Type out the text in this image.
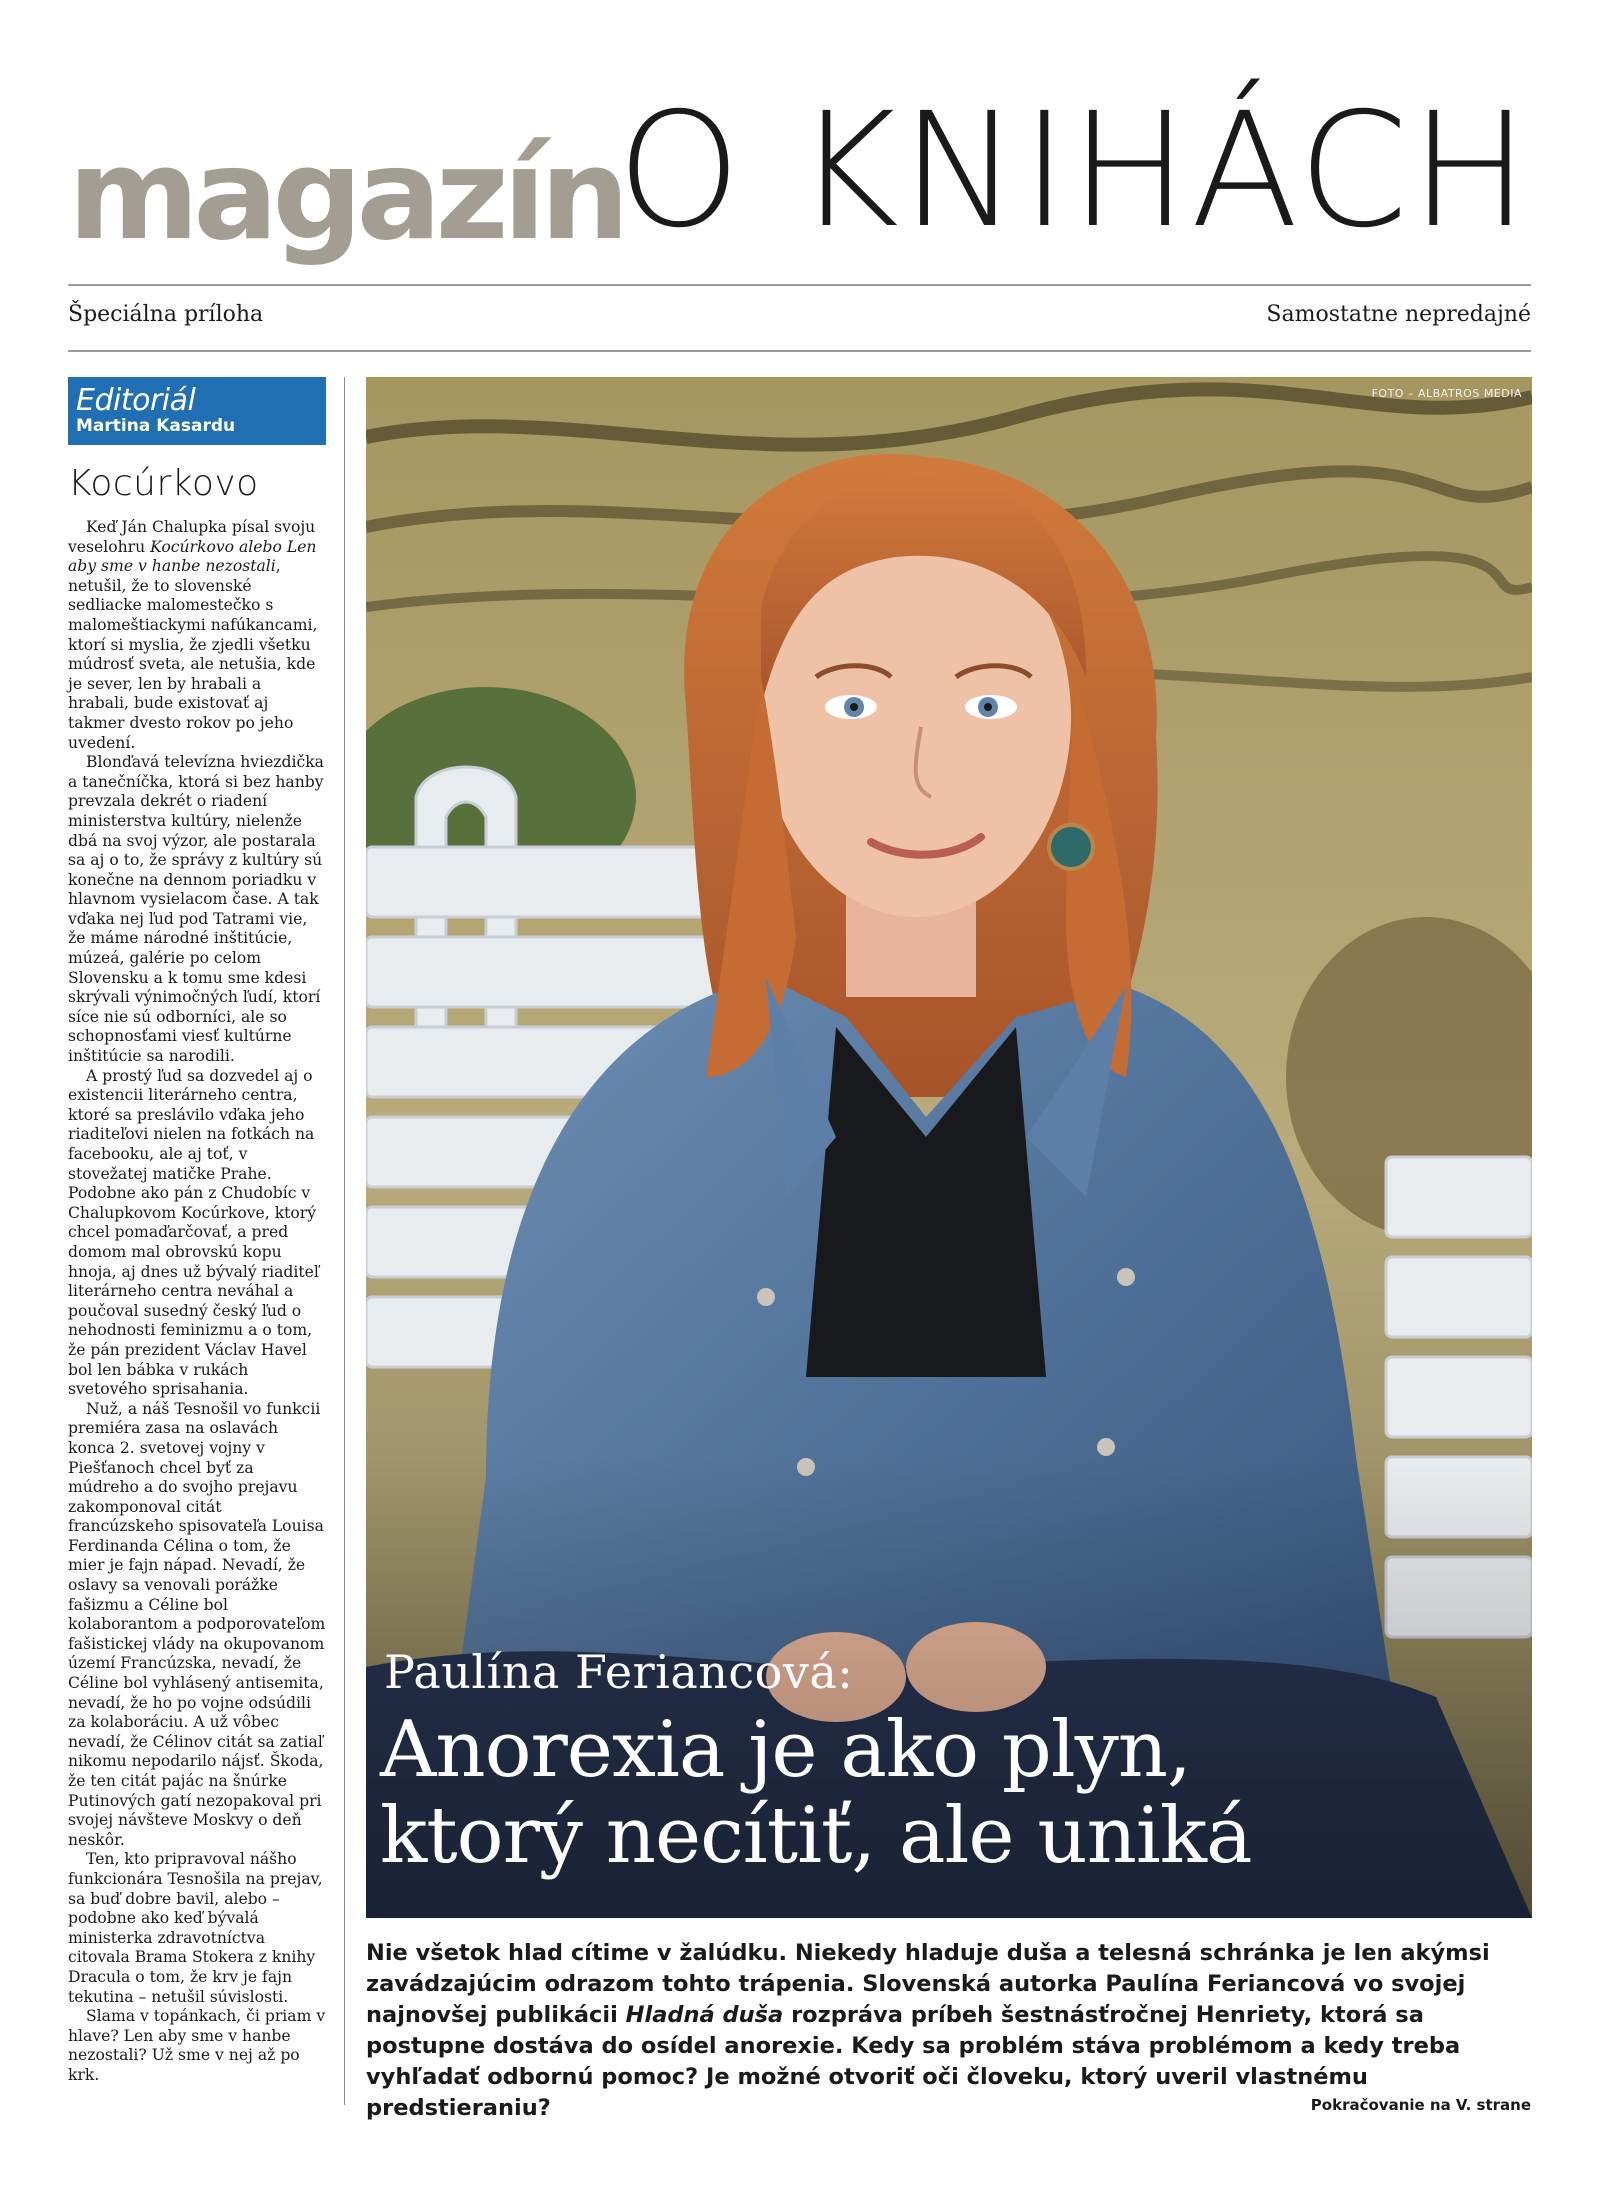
magazín
O KNIHÁCH
Špeciálna príloha	Samostatne nepredajné
Editoriál
Martina Kasardu
Kocúrkovo

Keď Ján Chalupka písal svoju veselohru Kocúrkovo alebo Len aby sme v hanbe nezostali, netušil, že to slovenské sedliacke malomestečko s malomeštiackymi nafúkancami, ktorí si myslia, že zjedli všetku múdrosť sveta, ale netušia, kde je sever, len by hrabali a hrabali, bude existovať aj takmer dvesto rokov po jeho uvedení.

Blonďavá televízna hviezdička a tanečníčka, ktorá si bez hanby prevzala dekrét o riadení ministerstva kultúry, nielenže dbá na svoj výzor, ale postarala sa aj o to, že správy z kultúry sú konečne na dennom poriadku v hlavnom vysielacom čase. A tak vďaka nej ľud pod Tatrami vie, že máme národné inštitúcie, múzeá, galérie po celom Slovensku a k tomu sme kdesi skrývali výnimočných ľudí, ktorí síce nie sú odborníci, ale so schopnosťami viesť kultúrne inštitúcie sa narodili.

A prostý ľud sa dozvedel aj o existencii literárneho centra, ktoré sa preslávilo vďaka jeho riaditeľovi nielen na fotkách na facebooku, ale aj toť, v stovežatej matičke Prahe. Podobne ako pán z Chudobíc v Chalupkovom Kocúrkove, ktorý chcel pomaďarčovať, a pred domom mal obrovskú kopu hnoja, aj dnes už bývalý riaditeľ literárneho centra neváhal a poučoval susedný český ľud o nehodnosti feminizmu a o tom, že pán prezident Václav Havel bol len bábka v rukách svetového sprisahania.

Nuž, a náš Tesnošil vo funkcii premiéra zasa na oslavách konca 2. svetovej vojny v Piešťanoch chcel byť za múdreho a do svojho prejavu zakomponoval citát francúzskeho spisovateľa Louisa Ferdinanda Célina o tom, že mier je fajn nápad. Nevadí, že oslavy sa venovali porážke fašizmu a Céline bol kolaborantom a podporovateľom fašistickej vlády na okupovanom území Francúzska, nevadí, že Céline bol vyhlásený antisemita, nevadí, že ho po vojne odsúdili za kolaboráciu. A už vôbec nevadí, že Célinov citát sa zatiaľ nikomu nepodarilo nájsť. Škoda, že ten citát pajác na šnúrke Putinových gatí nezopakoval pri svojej návšteve Moskvy o deň neskôr.

Ten, kto pripravoval nášho funkcionára Tesnošila na prejav, sa buď dobre bavil, alebo – podobne ako keď bývalá ministerka zdravotníctva citovala Brama Stokera z knihy Dracula o tom, že krv je fajn tekutina – netušil súvislosti.

Slama v topánkach, či priam v hlave? Len aby sme v hanbe nezostali? Už sme v nej až po krk.

FOTO – ALBATROS MEDIA
Paulína Feriancová:
Anorexia je ako plyn,
ktorý necítiť, ale uniká
Nie všetok hlad cítime v žalúdku. Niekedy hladuje duša a telesná schránka je len akýmsi zavádzajúcim odrazom tohto trápenia. Slovenská autorka Paulína Feriancová vo svojej najnovšej publikácii Hladná duša rozpráva príbeh šestnásťročnej Henriety, ktorá sa postupne dostáva do osídel anorexie. Kedy sa problém stáva problémom a kedy treba vyhľadať odbornú pomoc? Je možné otvoriť oči človeku, ktorý uveril vlastnému predstieraniu?	Pokračovanie na V. strane
